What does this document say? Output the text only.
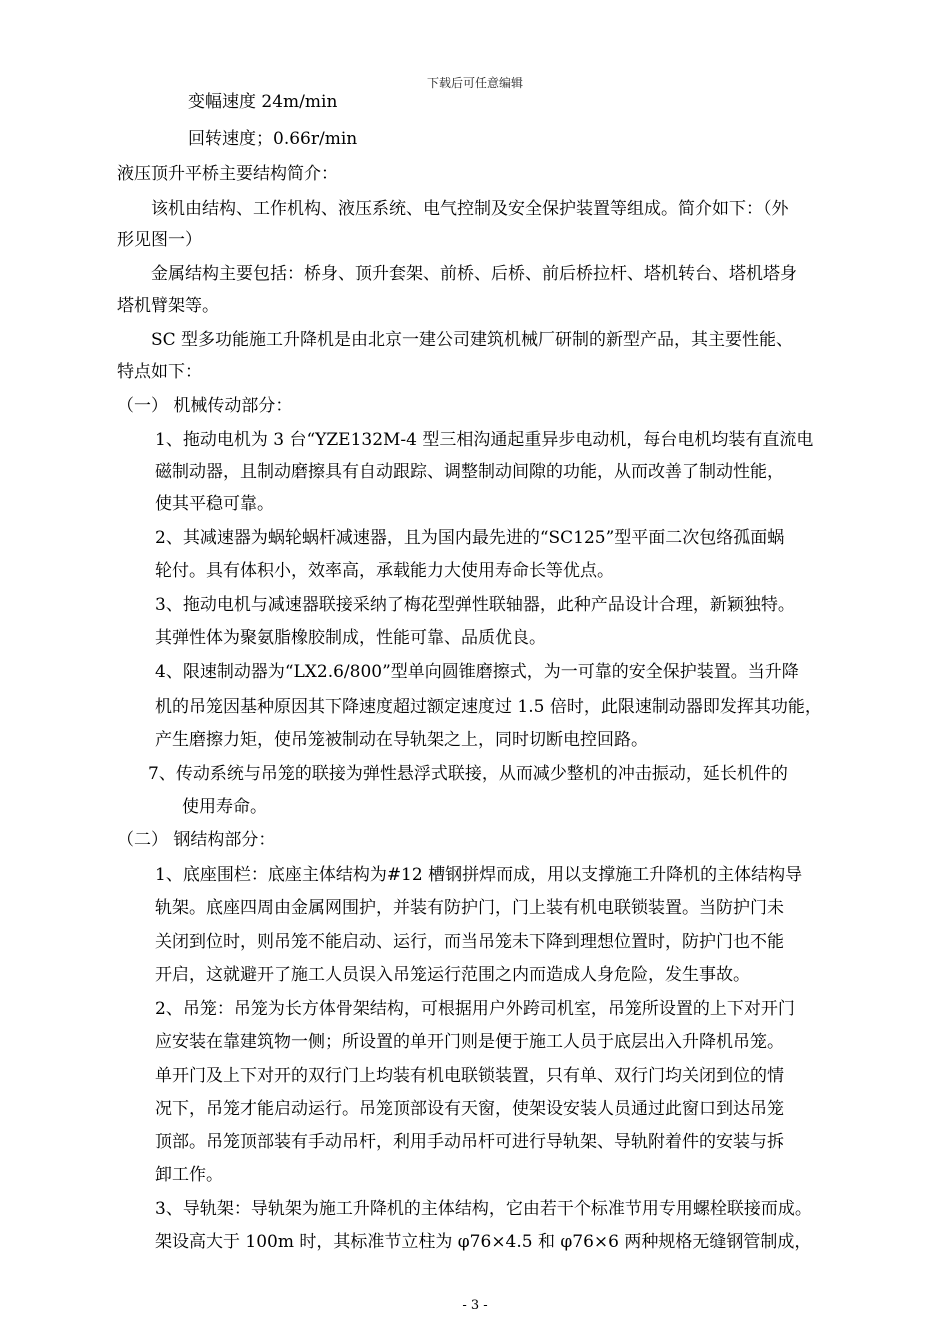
下载后可任意编辑
变幅速度 24m/min
回转速度；0.66r/min
液压顶升平桥主要结构简介：
该机由结构、工作机构、液压系统、电气控制及安全保护装置等组成。简介如下：（外
形见图一）
金属结构主要包括：桥身、顶升套架、前桥、后桥、前后桥拉杆、塔机转台、塔机塔身
塔机臂架等。
SC 型多功能施工升降机是由北京一建公司建筑机械厂研制的新型产品，其主要性能、
特点如下：
（一） 机械传动部分：
1、拖动电机为 3 台“YZE132M-4 型三相沟通起重异步电动机，每台电机均装有直流电
磁制动器，且制动磨擦具有自动跟踪、调整制动间隙的功能，从而改善了制动性能，
使其平稳可靠。
2、其减速器为蜗轮蜗杆减速器，且为国内最先进的“SC125”型平面二次包络孤面蜗
轮付。具有体积小，效率高，承载能力大使用寿命长等优点。
3、拖动电机与减速器联接采纳了梅花型弹性联轴器，此种产品设计合理，新颖独特。
其弹性体为聚氨脂橡胶制成，性能可靠、品质优良。
4、限速制动器为“LX2.6/800”型单向圆锥磨擦式，为一可靠的安全保护装置。当升降
机的吊笼因基种原因其下降速度超过额定速度过 1.5 倍时，此限速制动器即发挥其功能，
产生磨擦力矩，使吊笼被制动在导轨架之上，同时切断电控回路。
7、传动系统与吊笼的联接为弹性悬浮式联接，从而减少整机的冲击振动，延长机件的
使用寿命。
（二） 钢结构部分：
1、底座围栏：底座主体结构为#12 槽钢拼焊而成，用以支撑施工升降机的主体结构导
轨架。底座四周由金属网围护，并装有防护门，门上装有机电联锁装置。当防护门未
关闭到位时，则吊笼不能启动、运行，而当吊笼未下降到理想位置时，防护门也不能
开启，这就避开了施工人员误入吊笼运行范围之内而造成人身危险，发生事故。
2、吊笼：吊笼为长方体骨架结构，可根据用户外跨司机室，吊笼所设置的上下对开门
应安装在靠建筑物一侧；所设置的单开门则是便于施工人员于底层出入升降机吊笼。
单开门及上下对开的双行门上均装有机电联锁装置，只有单、双行门均关闭到位的情
况下，吊笼才能启动运行。吊笼顶部设有天窗，使架设安装人员通过此窗口到达吊笼
顶部。吊笼顶部装有手动吊杆，利用手动吊杆可进行导轨架、导轨附着件的安装与拆
卸工作。
3、导轨架：导轨架为施工升降机的主体结构，它由若干个标准节用专用螺栓联接而成。
架设高大于 100m 时，其标准节立柱为 φ76×4.5 和 φ76×6 两种规格无缝钢管制成，
- 3 -
